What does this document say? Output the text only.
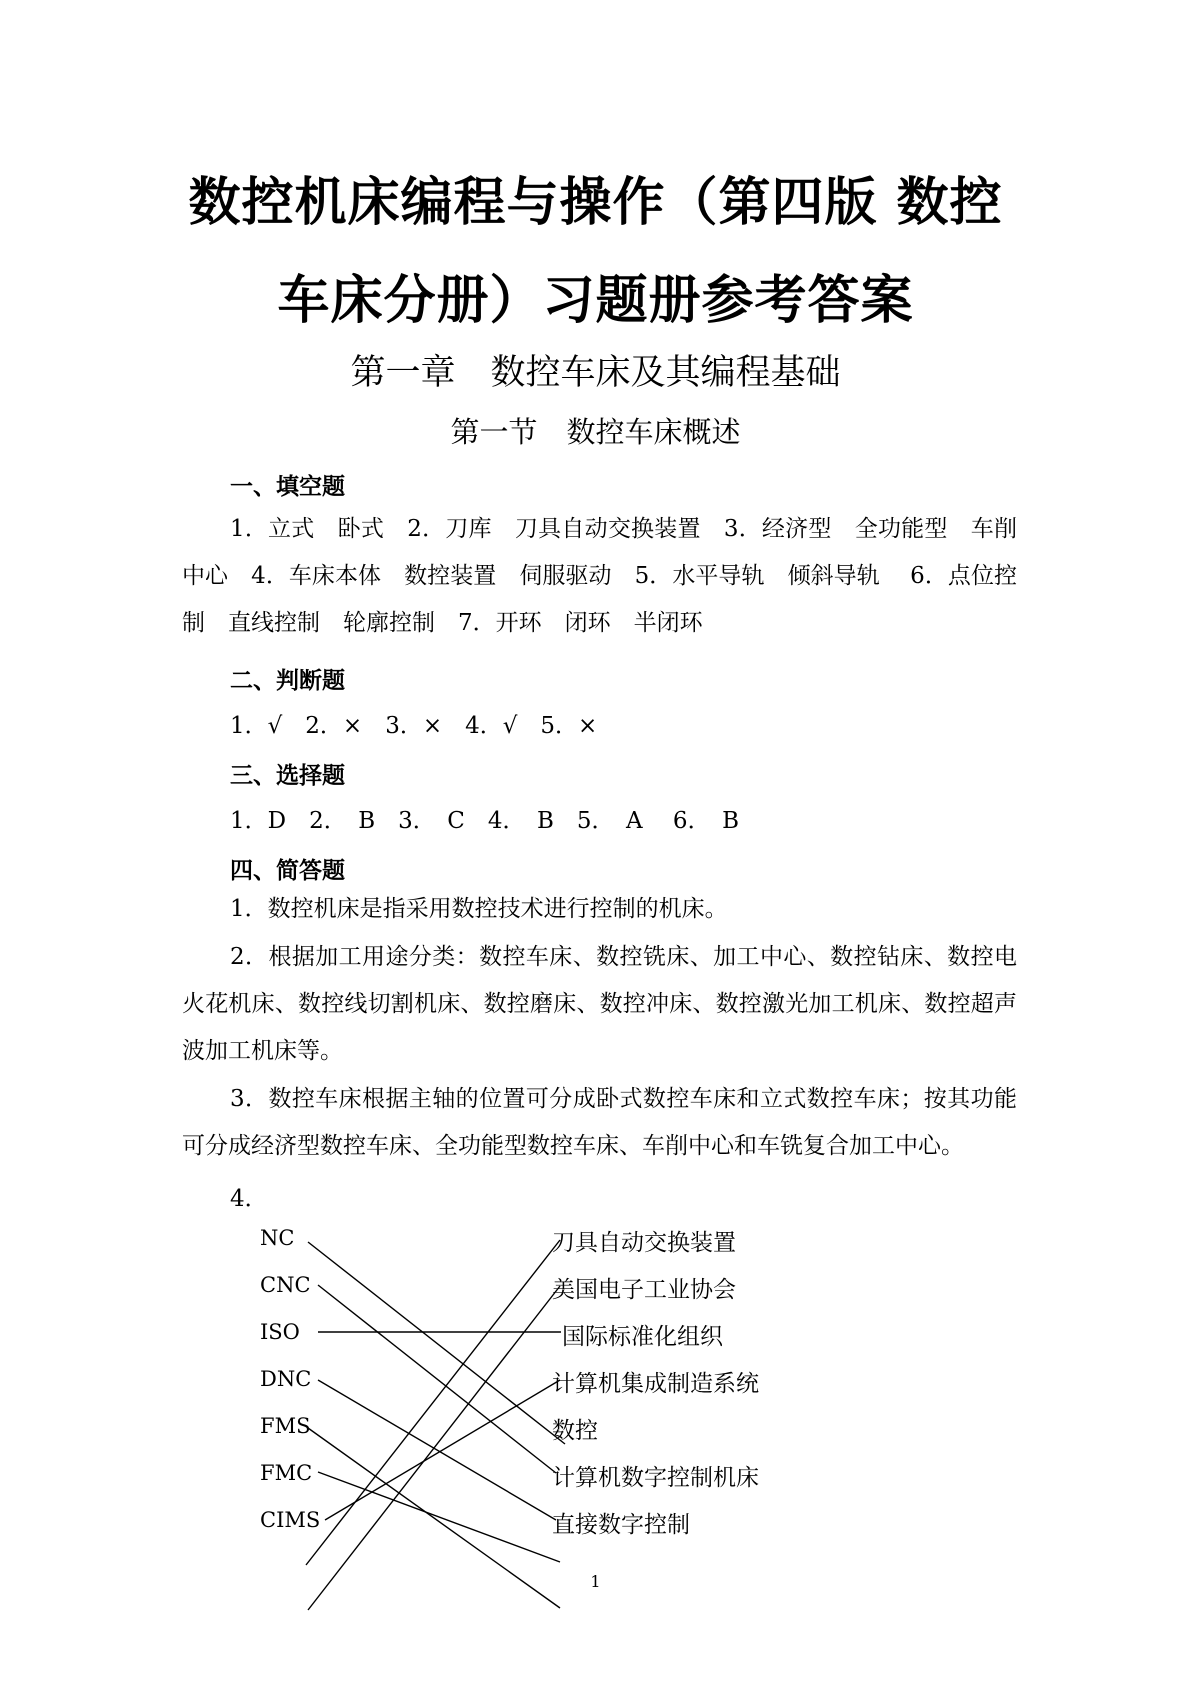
数控机床编程与操作（第四版 数控
车床分册）习题册参考答案
第一章　数控车床及其编程基础
第一节　数控车床概述
一、填空题
1．立式　卧式　2．刀库　刀具自动交换装置　3．经济型　全功能型　车削中心　4．车床本体　数控装置　伺服驱动　5．水平导轨　倾斜导轨　 6．点位控制　直线控制　轮廓控制　7．开环　闭环　半闭环
二、判断题
1．√　2．×　3．×　4．√　5．×
三、选择题
1．D　2．　B　3．　C　4．　B　5．　A　 6．　B
四、简答题
1．数控机床是指采用数控技术进行控制的机床。
2．根据加工用途分类：数控车床、数控铣床、加工中心、数控钻床、数控电火花机床、数控线切割机床、数控磨床、数控冲床、数控激光加工机床、数控超声波加工机床等。
3．数控车床根据主轴的位置可分成卧式数控车床和立式数控车床；按其功能可分成经济型数控车床、全功能型数控车床、车削中心和车铣复合加工中心。
4．
NC
CNC
ISO
DNC
FMS
FMC
CIMS
刀具自动交换装置
美国电子工业协会
国际标准化组织
计算机集成制造系统
数控
计算机数字控制机床
直接数字控制
1
